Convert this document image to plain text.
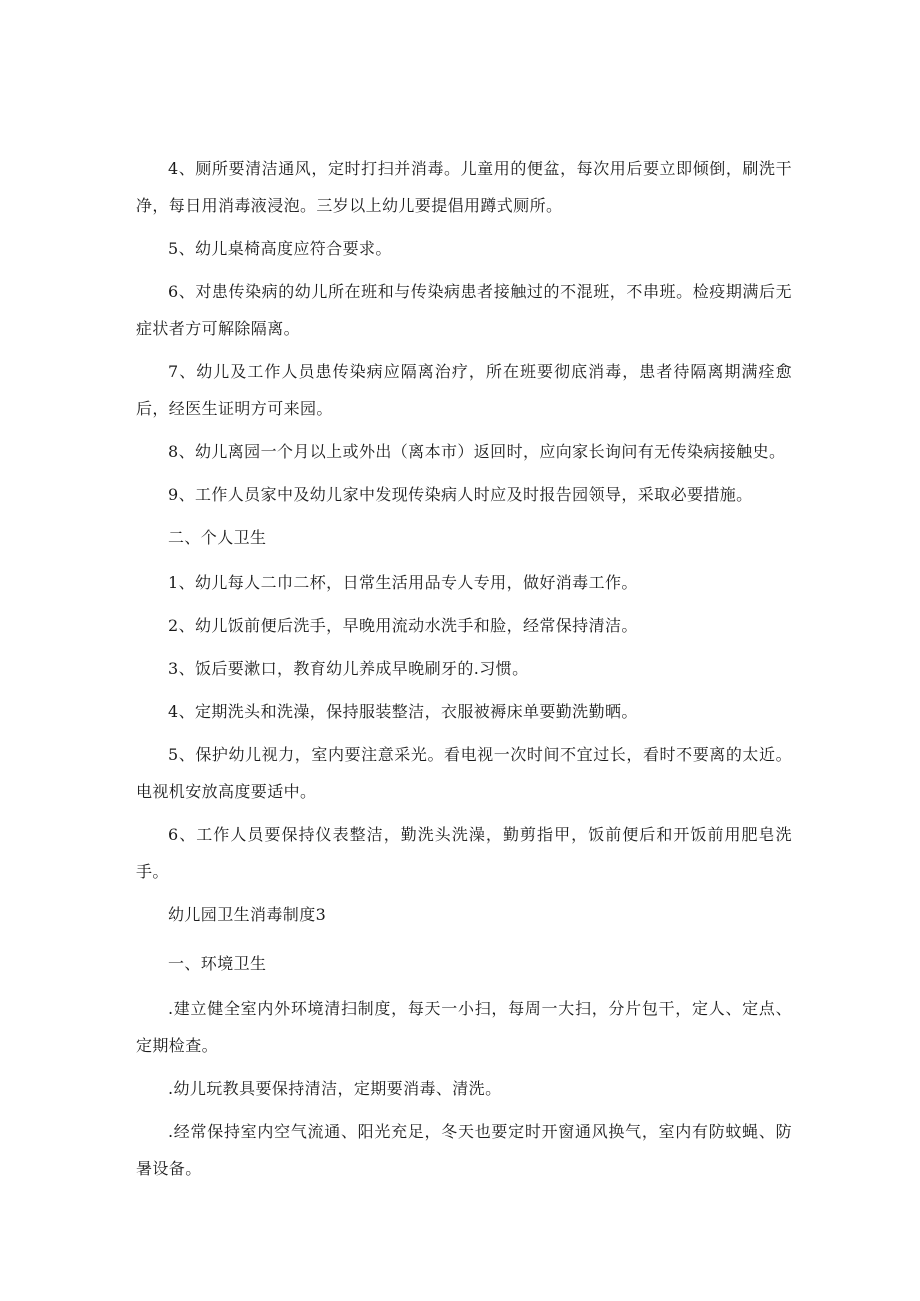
4、厕所要清洁通风，定时打扫并消毒。儿童用的便盆，每次用后要立即倾倒，刷洗干净，每日用消毒液浸泡。三岁以上幼儿要提倡用蹲式厕所。

5、幼儿桌椅高度应符合要求。

6、对患传染病的幼儿所在班和与传染病患者接触过的不混班，不串班。检疫期满后无症状者方可解除隔离。

7、幼儿及工作人员患传染病应隔离治疗，所在班要彻底消毒，患者待隔离期满痊愈后，经医生证明方可来园。

8、幼儿离园一个月以上或外出（离本市）返回时，应向家长询问有无传染病接触史。

9、工作人员家中及幼儿家中发现传染病人时应及时报告园领导，采取必要措施。

二、个人卫生

1、幼儿每人二巾二杯，日常生活用品专人专用，做好消毒工作。

2、幼儿饭前便后洗手，早晚用流动水洗手和脸，经常保持清洁。

3、饭后要漱口，教育幼儿养成早晚刷牙的.习惯。

4、定期洗头和洗澡，保持服装整洁，衣服被褥床单要勤洗勤晒。

5、保护幼儿视力，室内要注意采光。看电视一次时间不宜过长，看时不要离的太近。电视机安放高度要适中。

6、工作人员要保持仪表整洁，勤洗头洗澡，勤剪指甲，饭前便后和开饭前用肥皂洗手。

幼儿园卫生消毒制度3

一、环境卫生

.建立健全室内外环境清扫制度，每天一小扫，每周一大扫，分片包干，定人、定点、定期检查。

.幼儿玩教具要保持清洁，定期要消毒、清洗。

.经常保持室内空气流通、阳光充足，冬天也要定时开窗通风换气，室内有防蚊蝇、防暑设备。
